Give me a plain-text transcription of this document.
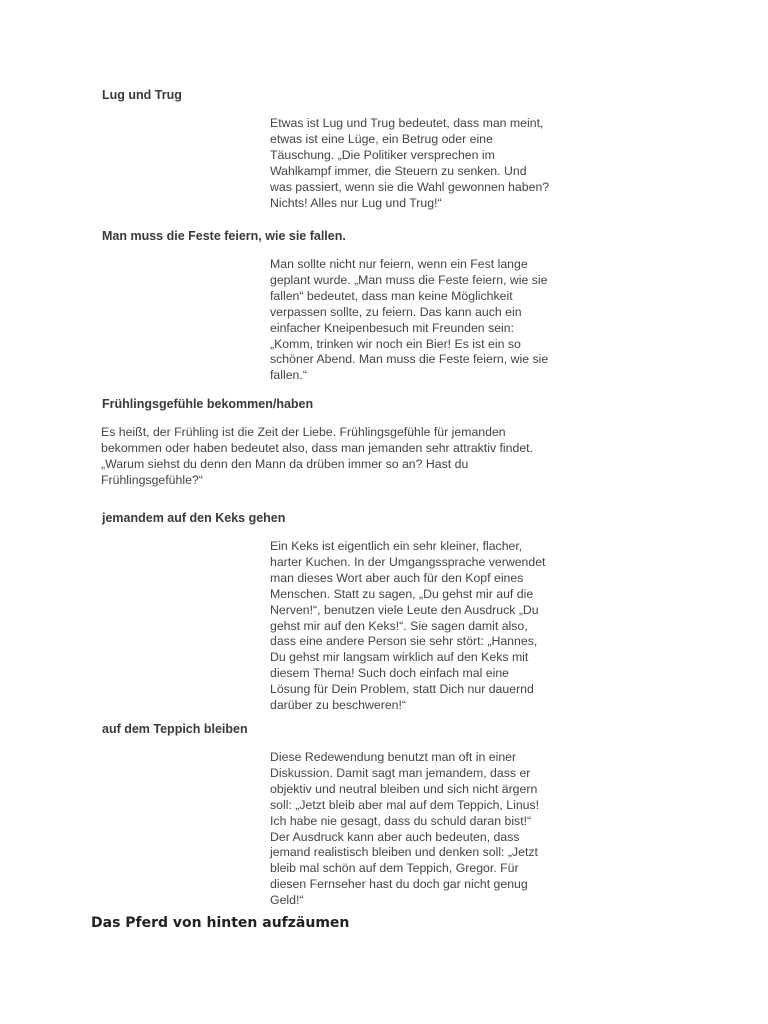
Lug und Trug

Etwas ist Lug und Trug bedeutet, dass man meint,
etwas ist eine Lüge, ein Betrug oder eine
Täuschung. „Die Politiker versprechen im
Wahlkampf immer, die Steuern zu senken. Und
was passiert, wenn sie die Wahl gewonnen haben?
Nichts! Alles nur Lug und Trug!“

Man muss die Feste feiern, wie sie fallen.

Man sollte nicht nur feiern, wenn ein Fest lange
geplant wurde. „Man muss die Feste feiern, wie sie
fallen“ bedeutet, dass man keine Möglichkeit
verpassen sollte, zu feiern. Das kann auch ein
einfacher Kneipenbesuch mit Freunden sein:
„Komm, trinken wir noch ein Bier! Es ist ein so
schöner Abend. Man muss die Feste feiern, wie sie
fallen.“

Frühlingsgefühle bekommen/haben

Es heißt, der Frühling ist die Zeit der Liebe. Frühlingsgefühle für jemanden
bekommen oder haben bedeutet also, dass man jemanden sehr attraktiv findet.
„Warum siehst du denn den Mann da drüben immer so an? Hast du
Frühlingsgefühle?“

jemandem auf den Keks gehen

Ein Keks ist eigentlich ein sehr kleiner, flacher,
harter Kuchen. In der Umgangssprache verwendet
man dieses Wort aber auch für den Kopf eines
Menschen. Statt zu sagen, „Du gehst mir auf die
Nerven!“, benutzen viele Leute den Ausdruck „Du
gehst mir auf den Keks!“. Sie sagen damit also,
dass eine andere Person sie sehr stört: „Hannes,
Du gehst mir langsam wirklich auf den Keks mit
diesem Thema! Such doch einfach mal eine
Lösung für Dein Problem, statt Dich nur dauernd
darüber zu beschweren!“

auf dem Teppich bleiben

Diese Redewendung benutzt man oft in einer
Diskussion. Damit sagt man jemandem, dass er
objektiv und neutral bleiben und sich nicht ärgern
soll: „Jetzt bleib aber mal auf dem Teppich, Linus!
Ich habe nie gesagt, dass du schuld daran bist!“
Der Ausdruck kann aber auch bedeuten, dass
jemand realistisch bleiben und denken soll: „Jetzt
bleib mal schön auf dem Teppich, Gregor. Für
diesen Fernseher hast du doch gar nicht genug
Geld!“

Das Pferd von hinten aufzäumen
